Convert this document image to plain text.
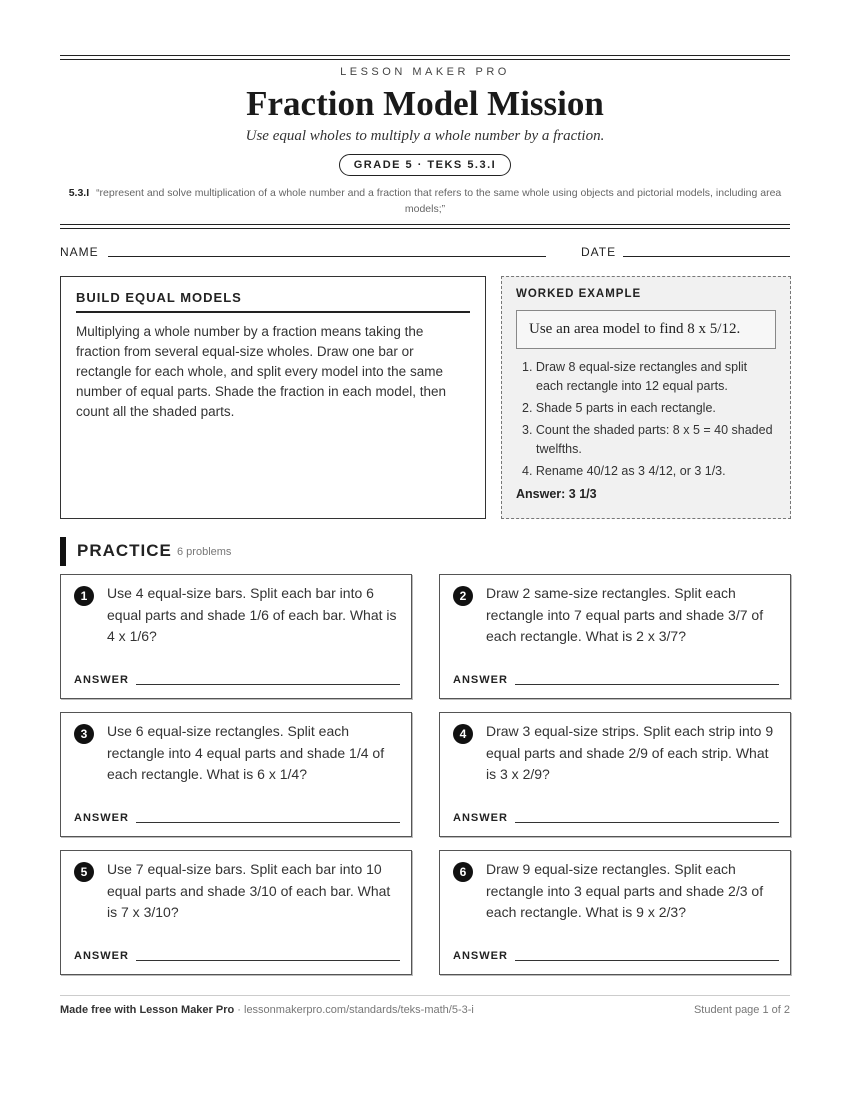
LESSON MAKER PRO
Fraction Model Mission
Use equal wholes to multiply a whole number by a fraction.
GRADE 5 · TEKS 5.3.I
5.3.I “represent and solve multiplication of a whole number and a fraction that refers to the same whole using objects and pictorial models, including area models;”
NAME	DATE
BUILD EQUAL MODELS
Multiplying a whole number by a fraction means taking the fraction from several equal-size wholes. Draw one bar or rectangle for each whole, and split every model into the same number of equal parts. Shade the fraction in each model, then count all the shaded parts.
WORKED EXAMPLE
Use an area model to find 8 x 5/12.
1. Draw 8 equal-size rectangles and split each rectangle into 12 equal parts.
2. Shade 5 parts in each rectangle.
3. Count the shaded parts: 8 x 5 = 40 shaded twelfths.
4. Rename 40/12 as 3 4/12, or 3 1/3.
Answer: 3 1/3
PRACTICE 6 problems
1	Use 4 equal-size bars. Split each bar into 6 equal parts and shade 1/6 of each bar. What is 4 x 1/6?
ANSWER
2	Draw 2 same-size rectangles. Split each rectangle into 7 equal parts and shade 3/7 of each rectangle. What is 2 x 3/7?
ANSWER
3	Use 6 equal-size rectangles. Split each rectangle into 4 equal parts and shade 1/4 of each rectangle. What is 6 x 1/4?
ANSWER
4	Draw 3 equal-size strips. Split each strip into 9 equal parts and shade 2/9 of each strip. What is 3 x 2/9?
ANSWER
5	Use 7 equal-size bars. Split each bar into 10 equal parts and shade 3/10 of each bar. What is 7 x 3/10?
ANSWER
6	Draw 9 equal-size rectangles. Split each rectangle into 3 equal parts and shade 2/3 of each rectangle. What is 9 x 2/3?
ANSWER
Made free with Lesson Maker Pro · lessonmakerpro.com/standards/teks-math/5-3-i	Student page 1 of 2
